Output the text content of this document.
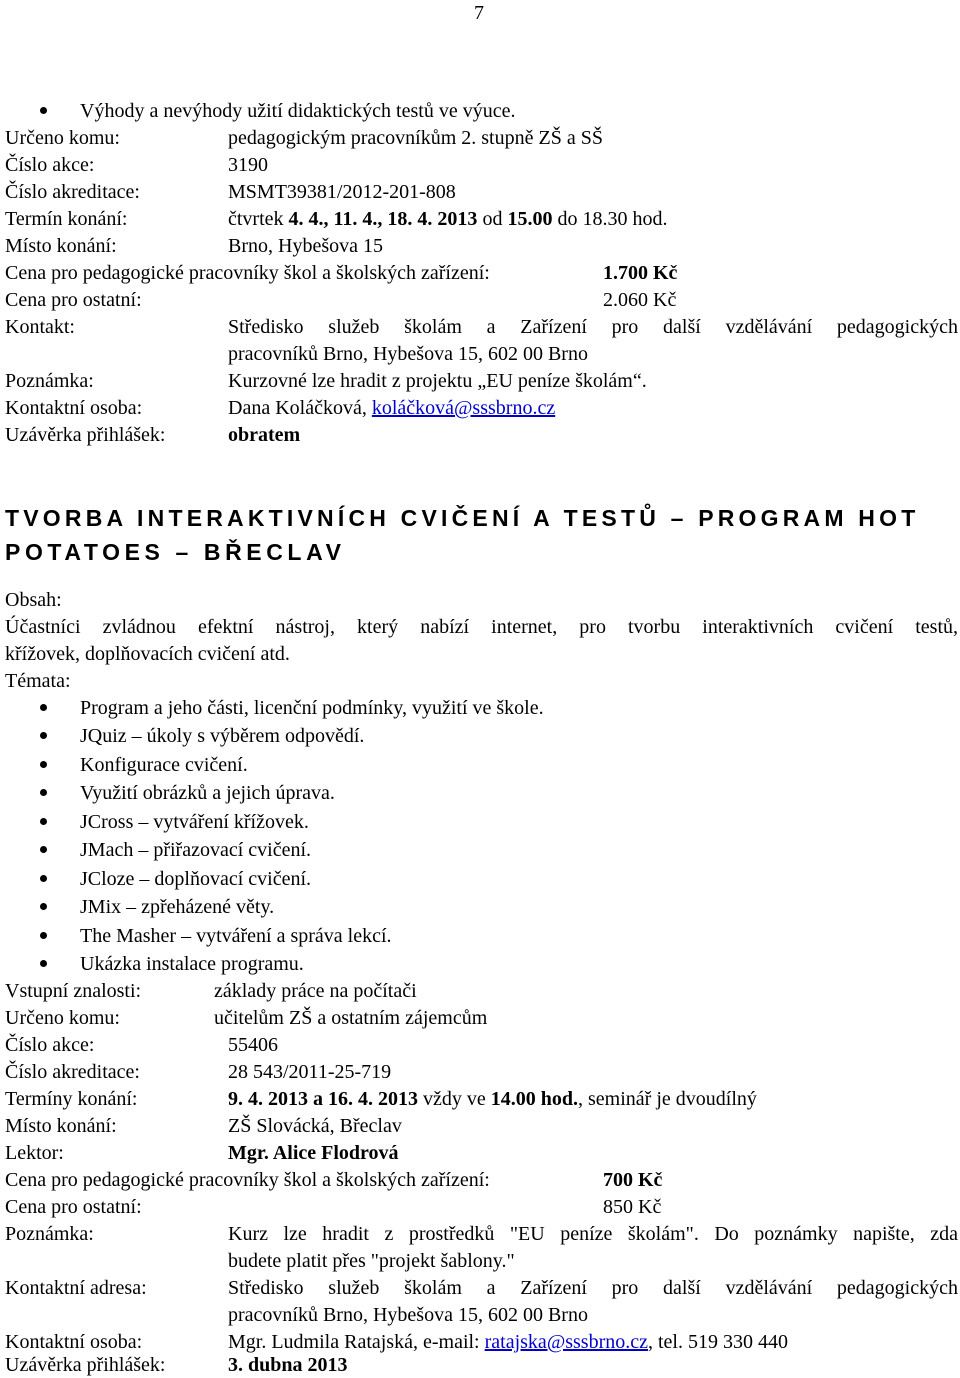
7
Výhody a nevýhody užití didaktických testů ve výuce.
Určeno komu:	pedagogickým pracovníkům 2. stupně ZŠ a SŠ
Číslo akce:	3190
Číslo akreditace:	MSMT39381/2012-201-808
Termín konání:	čtvrtek 4. 4., 11. 4., 18. 4. 2013 od 15.00 do 18.30 hod.
Místo konání:	Brno, Hybešova 15
Cena pro pedagogické pracovníky škol a školských zařízení:	1.700 Kč
Cena pro ostatní:	2.060 Kč
Kontakt:	Středisko služeb školám a Zařízení pro další vzdělávání pedagogických
pracovníků Brno, Hybešova 15, 602 00 Brno
Poznámka:	Kurzovné lze hradit z projektu „EU peníze školám“.
Kontaktní osoba:	Dana Koláčková, koláčková@sssbrno.cz
Uzávěrka přihlášek:	obratem
TVORBA INTERAKTIVNÍCH CVIČENÍ A TESTŮ – PROGRAM HOT
POTATOES – BŘECLAV
Obsah:
Účastníci zvládnou efektní nástroj, který nabízí internet, pro tvorbu interaktivních cvičení testů,
křížovek, doplňovacích cvičení atd.
Témata:
Program a jeho části, licenční podmínky, využití ve škole.
JQuiz – úkoly s výběrem odpovědí.
Konfigurace cvičení.
Využití obrázků a jejich úprava.
JCross – vytváření křížovek.
JMach – přiřazovací cvičení.
JCloze – doplňovací cvičení.
JMix – zpřeházené věty.
The Masher – vytváření a správa lekcí.
Ukázka instalace programu.
Vstupní znalosti:	základy práce na počítači
Určeno komu:	učitelům ZŠ a ostatním zájemcům
Číslo akce:	55406
Číslo akreditace:	28 543/2011-25-719
Termíny konání:	9. 4. 2013 a 16. 4. 2013 vždy ve 14.00 hod., seminář je dvoudílný
Místo konání:	ZŠ Slovácká, Břeclav
Lektor:	Mgr. Alice Flodrová
Cena pro pedagogické pracovníky škol a školských zařízení:	700 Kč
Cena pro ostatní:	850 Kč
Poznámka:	Kurz lze hradit z prostředků "EU peníze školám". Do poznámky napište, zda
budete platit přes "projekt šablony."
Kontaktní adresa:	Středisko služeb školám a Zařízení pro další vzdělávání pedagogických
pracovníků Brno, Hybešova 15, 602 00 Brno
Kontaktní osoba:	Mgr. Ludmila Ratajská, e-mail: ratajska@sssbrno.cz, tel. 519 330 440
Uzávěrka přihlášek:	3. dubna 2013
